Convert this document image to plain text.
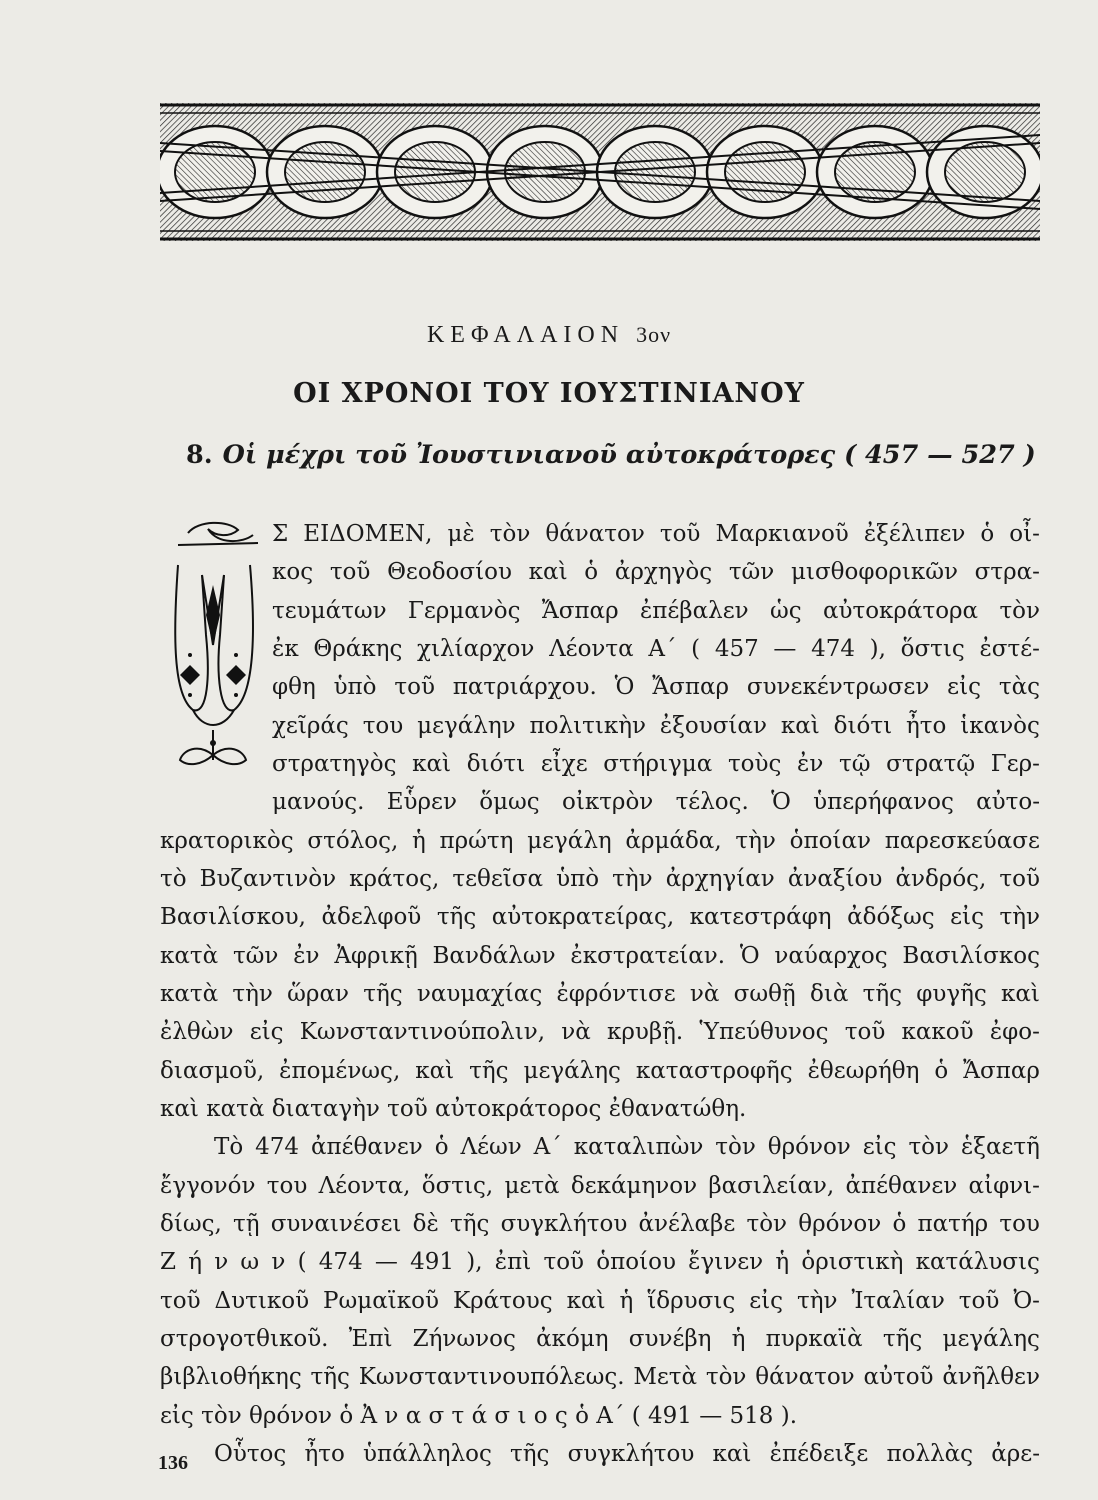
ΚΕΦΑΛΑΙΟΝ 3ον
ΟΙ ΧΡΟΝΟΙ ΤΟΥ ΙΟΥΣΤΙΝΙΑΝΟΥ
8. Οἱ μέχρι τοῦ Ἰουστινιανοῦ αὐτοκράτορες ( 457 — 527 )
Σ ΕΙΔΟΜΕΝ, μὲ τὸν θάνατον τοῦ Μαρκιανοῦ ἐξέλιπεν ὁ οἶ-
κος τοῦ Θεοδοσίου καὶ ὁ ἀρχηγὸς τῶν μισθοφορικῶν στρα-
τευμάτων Γερμανὸς Ἄσπαρ ἐπέβαλεν ὡς αὐτοκράτορα τὸν
ἐκ Θράκης χιλίαρχον Λέοντα Α΄ ( 457 — 474 ), ὅστις ἐστέ-
φθη ὑπὸ τοῦ πατριάρχου. Ὁ Ἄσπαρ συνεκέντρωσεν εἰς τὰς
χεῖράς του μεγάλην πολιτικὴν ἐξουσίαν καὶ διότι ἦτο ἱκανὸς
στρατηγὸς καὶ διότι εἶχε στήριγμα τοὺς ἐν τῷ στρατῷ Γερ-
μανούς. Εὗρεν ὅμως οἰκτρὸν τέλος. Ὁ ὑπερήφανος αὐτο-
κρατορικὸς στόλος, ἡ πρώτη μεγάλη ἀρμάδα, τὴν ὁποίαν παρεσκεύασε
τὸ Βυζαντινὸν κράτος, τεθεῖσα ὑπὸ τὴν ἀρχηγίαν ἀναξίου ἀνδρός, τοῦ
Βασιλίσκου, ἀδελφοῦ τῆς αὐτοκρατείρας, κατεστράφη ἀδόξως εἰς τὴν
κατὰ τῶν ἐν Ἀφρικῇ Βανδάλων ἐκστρατείαν. Ὁ ναύαρχος Βασιλίσκος
κατὰ τὴν ὥραν τῆς ναυμαχίας ἐφρόντισε νὰ σωθῇ διὰ τῆς φυγῆς καὶ
ἐλθὼν εἰς Κωνσταντινούπολιν, νὰ κρυβῇ. Ὑπεύθυνος τοῦ κακοῦ ἐφο-
διασμοῦ, ἐπομένως, καὶ τῆς μεγάλης καταστροφῆς ἐθεωρήθη ὁ Ἄσπαρ
καὶ κατὰ διαταγὴν τοῦ αὐτοκράτορος ἐθανατώθη.
Τὸ 474 ἀπέθανεν ὁ Λέων Α΄ καταλιπὼν τὸν θρόνον εἰς τὸν ἑξαετῆ
ἔγγονόν του Λέοντα, ὅστις, μετὰ δεκάμηνον βασιλείαν, ἀπέθανεν αἰφνι-
δίως, τῇ συναινέσει δὲ τῆς συγκλήτου ἀνέλαβε τὸν θρόνον ὁ πατήρ του
Ζ ή ν ω ν ( 474 — 491 ), ἐπὶ τοῦ ὁποίου ἔγινεν ἡ ὁριστικὴ κατάλυσις
τοῦ Δυτικοῦ Ρωμαϊκοῦ Κράτους καὶ ἡ ἵδρυσις εἰς τὴν Ἰταλίαν τοῦ Ὀ-
στρογοτθικοῦ. Ἐπὶ Ζήνωνος ἀκόμη συνέβη ἡ πυρκαϊὰ τῆς μεγάλης
βιβλιοθήκης τῆς Κωνσταντινουπόλεως. Μετὰ τὸν θάνατον αὐτοῦ ἀνῆλθεν
εἰς τὸν θρόνον ὁ Ἀ ν α σ τ ά σ ι ο ς ὁ Α΄ ( 491 — 518 ).
Οὗτος ἦτο ὑπάλληλος τῆς συγκλήτου καὶ ἐπέδειξε πολλὰς ἀρε-
136
